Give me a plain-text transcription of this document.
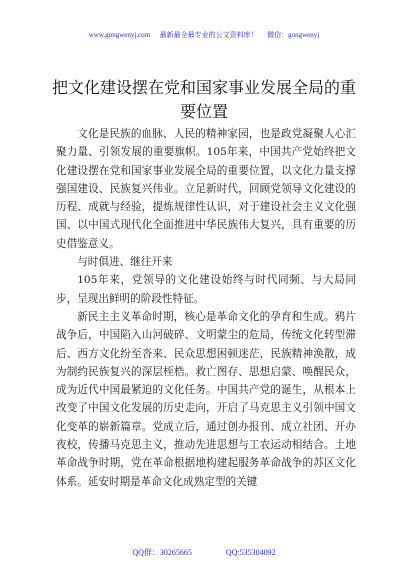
www.gongwenyj.com 最新最全最专业的公文资料库！ 微信：gongwenyj
把文化建设摆在党和国家事业发展全局的重要位置

文化是民族的血脉、人民的精神家园，也是政党凝聚人心汇聚力量、引领发展的重要旗帜。105年来，中国共产党始终把文化建设摆在党和国家事业发展全局的重要位置，以文化力量支撑强国建设、民族复兴伟业。立足新时代，回顾党领导文化建设的历程、成就与经验，提炼规律性认识，对于建设社会主义文化强国、以中国式现代化全面推进中华民族伟大复兴，具有重要的历史借鉴意义。

与时俱进、继往开来

105年来，党领导的文化建设始终与时代同频、与大局同步，呈现出鲜明的阶段性特征。

新民主主义革命时期，核心是革命文化的孕育和生成。鸦片战争后，中国陷入山河破碎、文明蒙尘的危局，传统文化转型滞后、西方文化纷至沓来、民众思想困顿迷茫，民族精神涣散，成为制约民族复兴的深层桎梏。救亡图存、思想启蒙、唤醒民众，成为近代中国最紧迫的文化任务。中国共产党的诞生，从根本上改变了中国文化发展的历史走向，开启了马克思主义引领中国文化变革的崭新篇章。党成立后，通过创办报刊、成立社团、开办夜校，传播马克思主义，推动先进思想与工农运动相结合。土地革命战争时期，党在革命根据地构建起服务革命战争的苏区文化体系。延安时期是革命文化成熟定型的关键

QQ群：30265665	QQ:535304092
